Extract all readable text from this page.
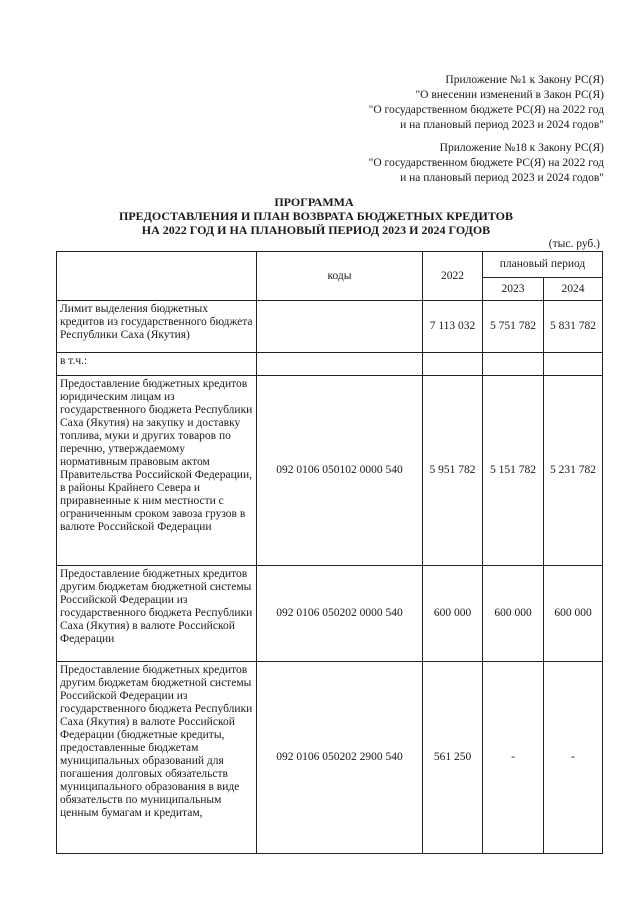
Приложение №1 к Закону РС(Я)
"О внесении изменений в Закон РС(Я)
"О государственном бюджете РС(Я) на 2022 год
и на плановый период 2023 и 2024 годов"
Приложение №18 к Закону РС(Я)
"О государственном бюджете РС(Я) на 2022 год
и на плановый период 2023 и 2024 годов"
ПРОГРАММА
ПРЕДОСТАВЛЕНИЯ И ПЛАН ВОЗВРАТА БЮДЖЕТНЫХ КРЕДИТОВ
НА 2022 ГОД И НА ПЛАНОВЫЙ ПЕРИОД 2023 И 2024 ГОДОВ
(тыс. руб.)
	коды	2022	плановый период	
			2023	2024
Лимит выделения бюджетных кредитов из государственного бюджета Республики Саха (Якутия)		7 113 032	5 751 782	5 831 782
в т.ч.:				
Предоставление бюджетных кредитов юридическим лицам из государственного бюджета Республики Саха (Якутия) на закупку и доставку топлива, муки и других товаров по перечню, утверждаемому нормативным правовым актом Правительства Российской Федерации, в районы Крайнего Севера и приравненные к ним местности с ограниченным сроком завоза грузов в валюте Российской Федерации	092 0106 050102 0000 540	5 951 782	5 151 782	5 231 782
Предоставление бюджетных кредитов другим бюджетам бюджетной системы Российской Федерации из государственного бюджета Республики Саха (Якутия) в валюте Российской Федерации	092 0106 050202 0000 540	600 000	600 000	600 000
Предоставление бюджетных кредитов другим бюджетам бюджетной системы Российской Федерации из государственного бюджета Республики Саха (Якутия) в валюте Российской Федерации (бюджетные кредиты, предоставленные бюджетам муниципальных образований для погашения долговых обязательств муниципального образования в виде обязательств по муниципальным ценным бумагам и кредитам,	092 0106 050202 2900 540	561 250	-	-
